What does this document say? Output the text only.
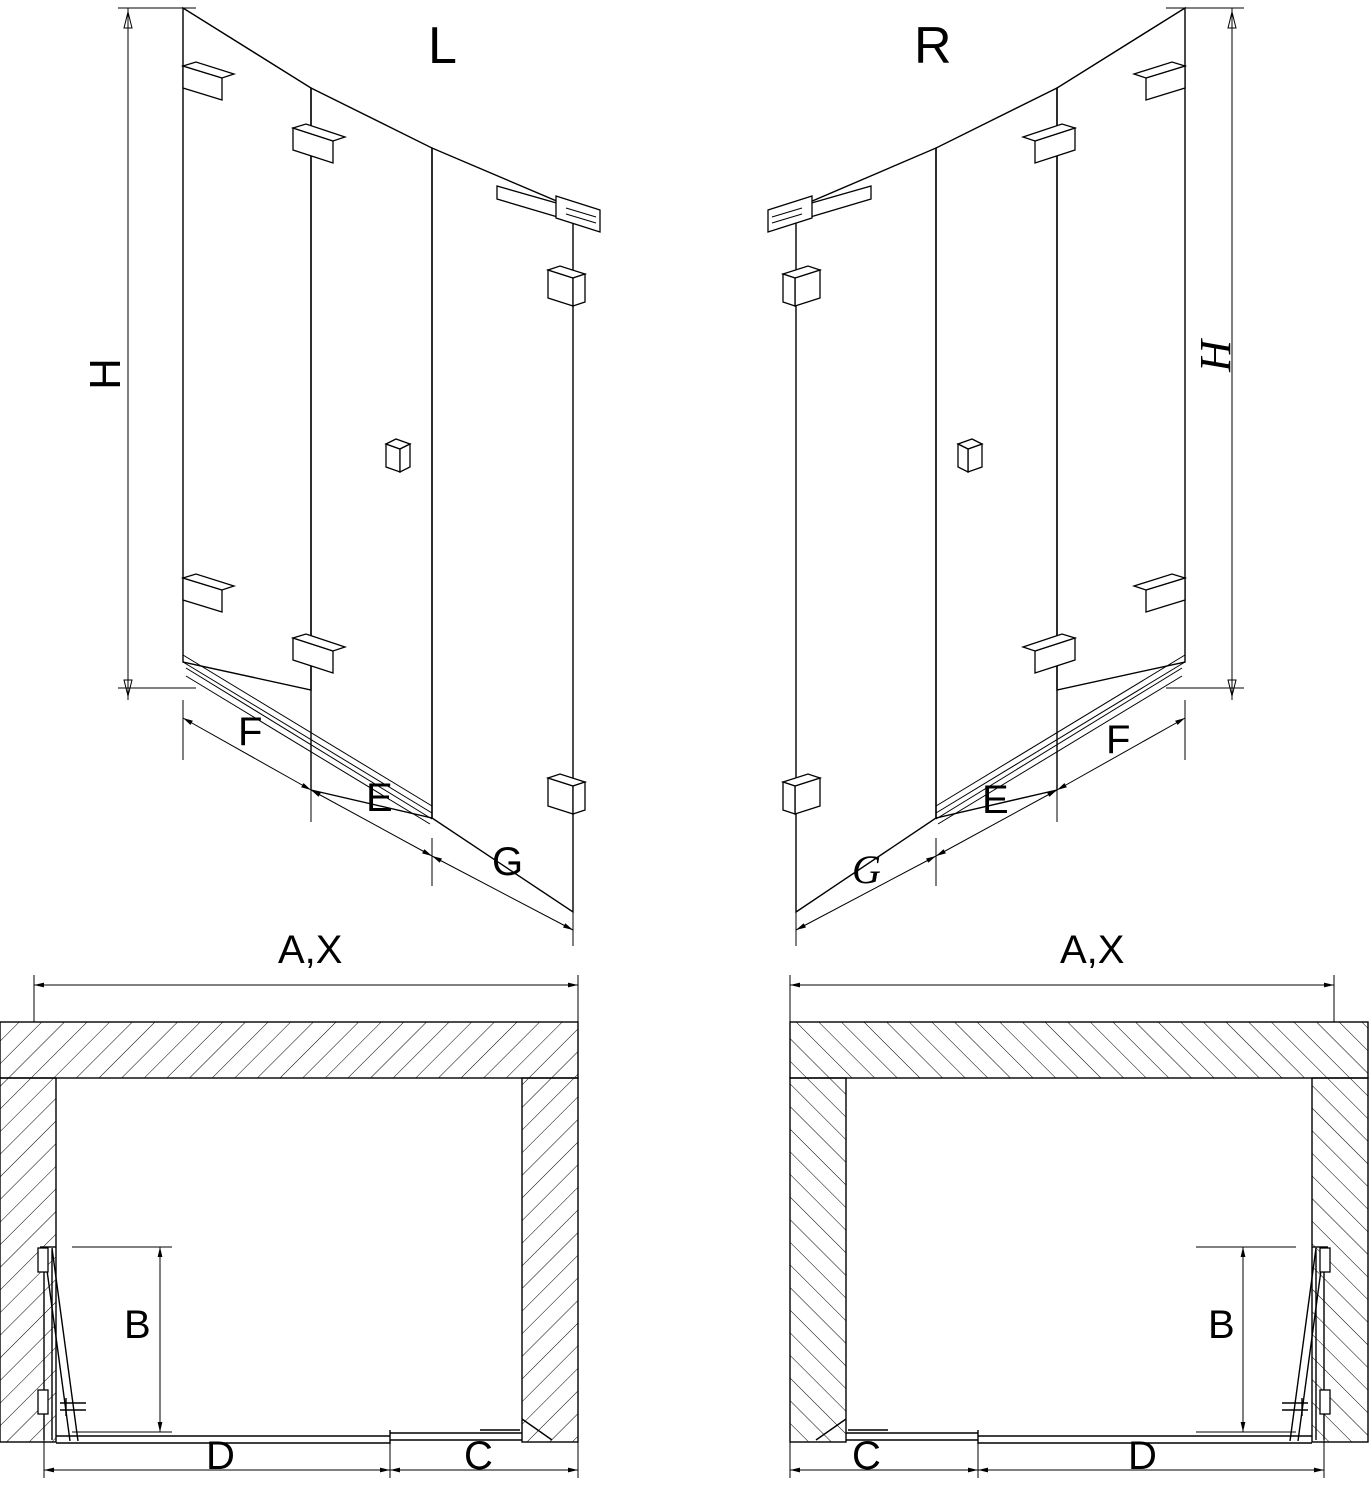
L	R
H
H
F
E
G
F
E
G
A,X	A,X
B
D	C
B
C	D
